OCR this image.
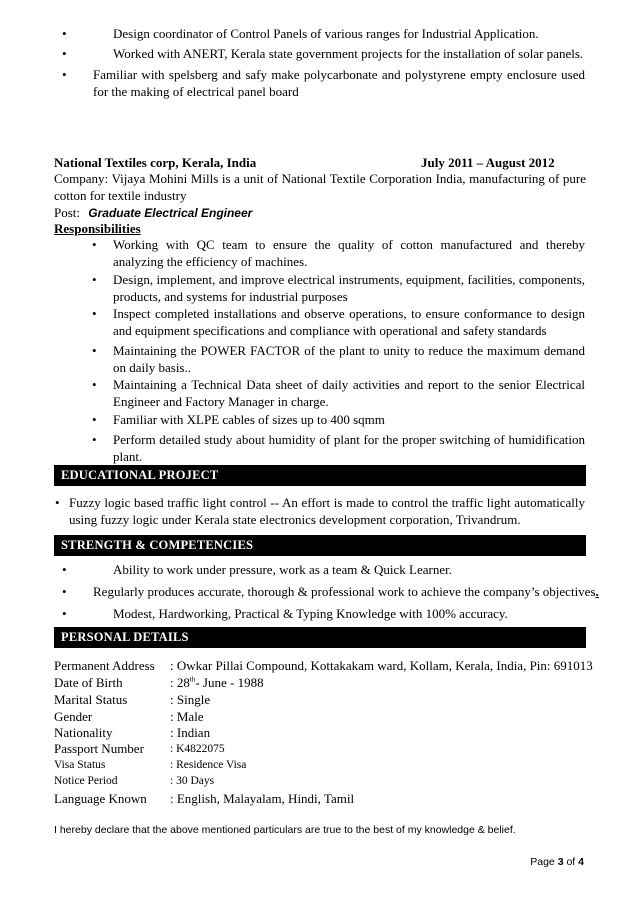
•	Design coordinator of Control Panels of various ranges for Industrial Application.
•	Worked with ANERT, Kerala state government projects for the installation of solar panels.
• Familiar with spelsberg and safy make polycarbonate and polystyrene empty enclosure used for the making of electrical panel board
National Textiles corp, Kerala, India	July 2011 – August 2012
Company: Vijaya Mohini Mills is a unit of National Textile Corporation India, manufacturing of pure cotton for textile industry
Post: Graduate Electrical Engineer
Responsibilities
• Working with QC team to ensure the quality of cotton manufactured and thereby analyzing the efficiency of machines.
• Design, implement, and improve electrical instruments, equipment, facilities, components, products, and systems for industrial purposes
• Inspect completed installations and observe operations, to ensure conformance to design and equipment specifications and compliance with operational and safety standards
• Maintaining the POWER FACTOR of the plant to unity to reduce the maximum demand on daily basis..
• Maintaining a Technical Data sheet of daily activities and report to the senior Electrical Engineer and Factory Manager in charge.
• Familiar with XLPE cables of sizes up to 400 sqmm
• Perform detailed study about humidity of plant for the proper switching of humidification plant.
EDUCATIONAL PROJECT
• Fuzzy logic based traffic light control -- An effort is made to control the traffic light automatically using fuzzy logic under Kerala state electronics development corporation, Trivandrum.
STRENGTH & COMPETENCIES
•	Ability to work under pressure, work as a team & Quick Learner.
• Regularly produces accurate, thorough & professional work to achieve the company’s objectives.
•	Modest, Hardworking, Practical & Typing Knowledge with 100% accuracy.
PERSONAL DETAILS
Permanent Address : Owkar Pillai Compound, Kottakakam ward, Kollam, Kerala, India, Pin: 691013
Date of Birth	: 28th- June - 1988
Marital Status	: Single
Gender	: Male
Nationality	: Indian
Passport Number : K4822075
Visa Status	: Residence Visa
Notice Period	: 30 Days
Language Known : English, Malayalam, Hindi, Tamil
I hereby declare that the above mentioned particulars are true to the best of my knowledge & belief.
Page 3 of 4
